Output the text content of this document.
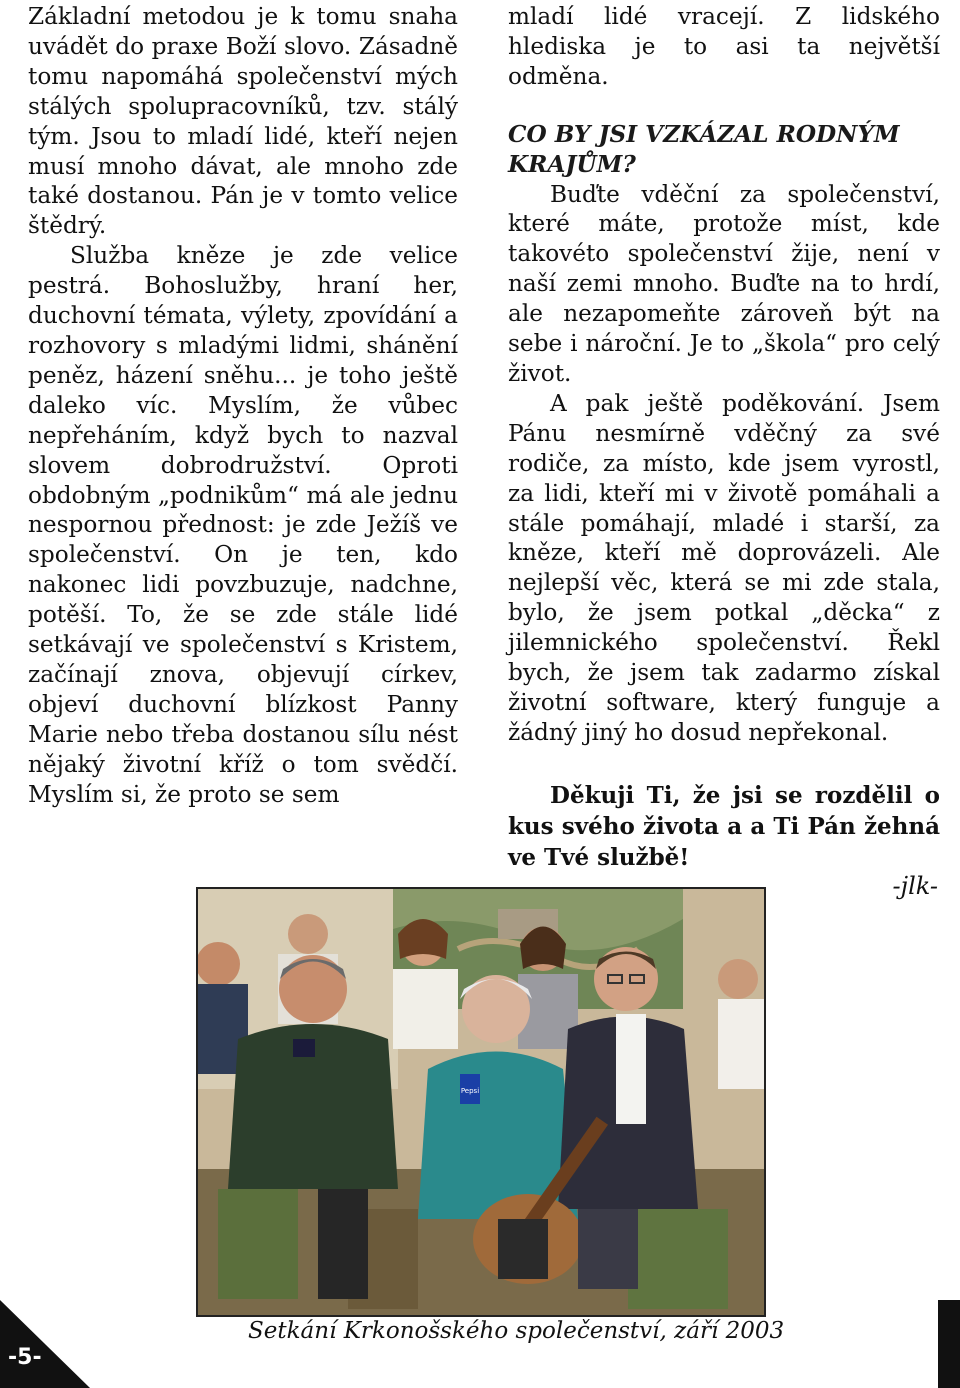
Základní metodou je k tomu snaha uvádět do praxe Boží slovo. Zásadně tomu napomáhá společenství mých stálých spolupracovníků, tzv. stálý tým. Jsou to mladí lidé, kteří nejen musí mnoho dávat, ale mnoho zde také dostanou. Pán je v tomto velice štědrý.

Služba kněze je zde velice pestrá. Bohoslužby, hraní her, duchovní témata, výlety, zpovídání a rozhovory s mladými lidmi, shánění peněz, házení sněhu... je toho ještě daleko víc. Myslím, že vůbec nepřeháním, když bych to nazval slovem dobrodružství. Oproti obdobným „podnikům“ má ale jednu nespornou přednost: je zde Ježíš ve společenství. On je ten, kdo nakonec lidi povzbuzuje, nadchne, potěší. To, že se zde stále lidé setkávají ve společenství s Kristem, začínají znova, objevují církev, objeví duchovní blízkost Panny Marie nebo třeba dostanou sílu nést nějaký životní kříž o tom svědčí. Myslím si, že proto se sem

mladí lidé vracejí. Z lidského hlediska je to asi ta největší odměna.

CO BY JSI VZKÁZAL RODNÝM KRAJŮM?

Buďte vděční za společenství, které máte, protože míst, kde takovéto společenství žije, není v naší zemi mnoho. Buďte na to hrdí, ale nezapomeňte zároveň být na sebe i nároční. Je to „škola“ pro celý život.

A pak ještě poděkování. Jsem Pánu nesmírně vděčný za své rodiče, za místo, kde jsem vyrostl, za lidi, kteří mi v životě pomáhali a stále pomáhají, mladé i starší, za kněze, kteří mě doprovázeli. Ale nejlepší věc, která se mi zde stala, bylo, že jsem potkal „děcka“ z jilemnického společenství. Řekl bych, že jsem tak zadarmo získal životní software, který funguje a žádný jiný ho dosud nepřekonal.

Děkuji Ti, že jsi se rozdělil o kus svého života a a Ti Pán žehná ve Tvé službě!
-jlk-
Pepsi
Setkání Krkonošského společenství, září 2003
-5-
